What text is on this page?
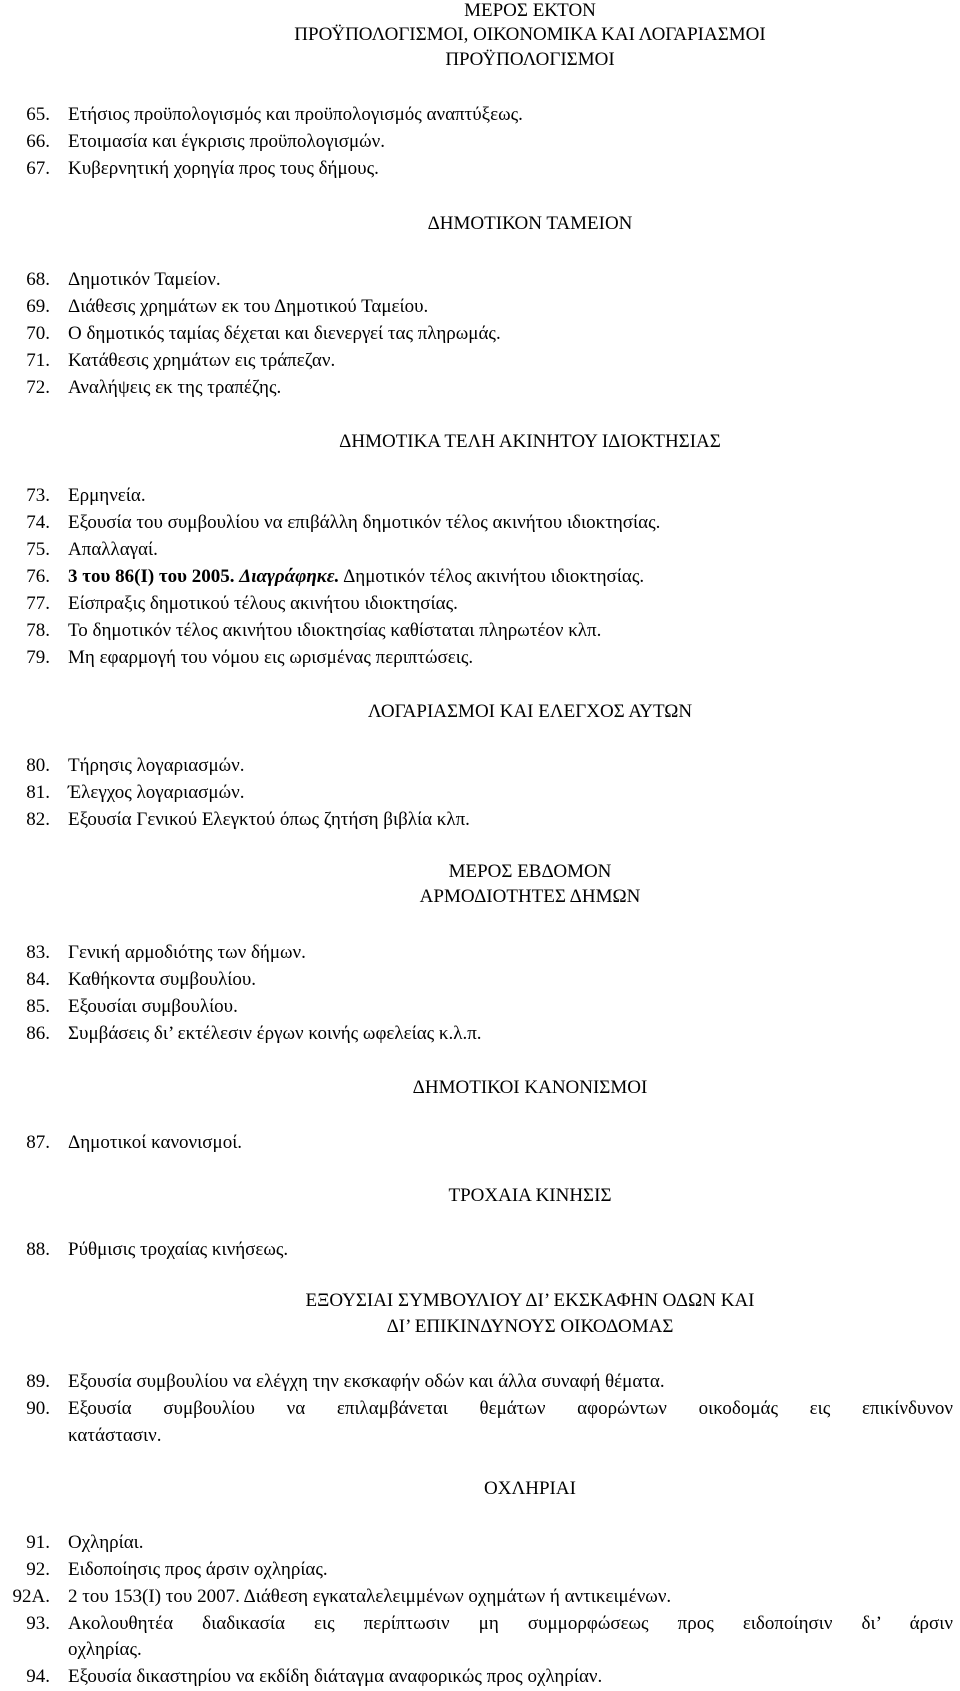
ΜΕΡΟΣ ΕΚΤΟΝ
ΠΡΟΫΠΟΛΟΓΙΣΜΟΙ, ΟΙΚΟΝΟΜΙΚΑ ΚΑΙ ΛΟΓΑΡΙΑΣΜΟΙ
ΠΡΟΫΠΟΛΟΓΙΣΜΟΙ
65. Ετήσιος προϋπολογισμός και προϋπολογισμός αναπτύξεως.
66. Ετοιμασία και έγκρισις προϋπολογισμών.
67. Κυβερνητική χορηγία προς τους δήμους.
ΔΗΜΟΤΙΚΟΝ ΤΑΜΕΙΟΝ
68. Δημοτικόν Ταμείον.
69. Διάθεσις χρημάτων εκ του Δημοτικού Ταμείου.
70. Ο δημοτικός ταμίας δέχεται και διενεργεί τας πληρωμάς.
71. Κατάθεσις χρημάτων εις τράπεζαν.
72. Αναλήψεις εκ της τραπέζης.
ΔΗΜΟΤΙΚΑ ΤΕΛΗ ΑΚΙΝΗΤΟΥ ΙΔΙΟΚΤΗΣΙΑΣ
73. Ερμηνεία.
74. Εξουσία του συμβουλίου να επιβάλλη δημοτικόν τέλος ακινήτου ιδιοκτησίας.
75. Απαλλαγαί.
76. 3 του 86(Ι) του 2005. Διαγράφηκε. Δημοτικόν τέλος ακινήτου ιδιοκτησίας.
77. Είσπραξις δημοτικού τέλους ακινήτου ιδιοκτησίας.
78. Το δημοτικόν τέλος ακινήτου ιδιοκτησίας καθίσταται πληρωτέον κλπ.
79. Μη εφαρμογή του νόμου εις ωρισμένας περιπτώσεις.
ΛΟΓΑΡΙΑΣΜΟΙ ΚΑΙ ΕΛΕΓΧΟΣ ΑΥΤΩΝ
80. Τήρησις λογαριασμών.
81. Έλεγχος λογαριασμών.
82. Εξουσία Γενικού Ελεγκτού όπως ζητήση βιβλία κλπ.
ΜΕΡΟΣ ΕΒΔΟΜΟΝ
ΑΡΜΟΔΙΟΤΗΤΕΣ ΔΗΜΩΝ
83. Γενική αρμοδιότης των δήμων.
84. Καθήκοντα συμβουλίου.
85. Εξουσίαι συμβουλίου.
86. Συμβάσεις δι’ εκτέλεσιν έργων κοινής ωφελείας κ.λ.π.
ΔΗΜΟΤΙΚΟΙ ΚΑΝΟΝΙΣΜΟΙ
87. Δημοτικοί κανονισμοί.
ΤΡΟΧΑΙΑ ΚΙΝΗΣΙΣ
88. Ρύθμισις τροχαίας κινήσεως.
ΕΞΟΥΣΙΑΙ ΣΥΜΒΟΥΛΙΟΥ ΔΙ’ ΕΚΣΚΑΦΗΝ ΟΔΩΝ ΚΑΙ
ΔΙ’ ΕΠΙΚΙΝΔΥΝΟΥΣ ΟΙΚΟΔΟΜΑΣ
89. Εξουσία συμβουλίου να ελέγχη την εκσκαφήν οδών και άλλα συναφή θέματα.
90. Εξουσία συμβουλίου να επιλαμβάνεται θεμάτων αφορώντων οικοδομάς εις επικίνδυνον
κατάστασιν.
ΟΧΛΗΡΙΑΙ
91. Οχληρίαι.
92. Ειδοποίησις προς άρσιν οχληρίας.
92Α. 2 του 153(Ι) του 2007. Διάθεση εγκαταλελειμμένων οχημάτων ή αντικειμένων.
93. Ακολουθητέα διαδικασία εις περίπτωσιν μη συμμορφώσεως προς ειδοποίησιν δι’ άρσιν
οχληρίας.
94. Εξουσία δικαστηρίου να εκδίδη διάταγμα αναφορικώς προς οχληρίαν.
